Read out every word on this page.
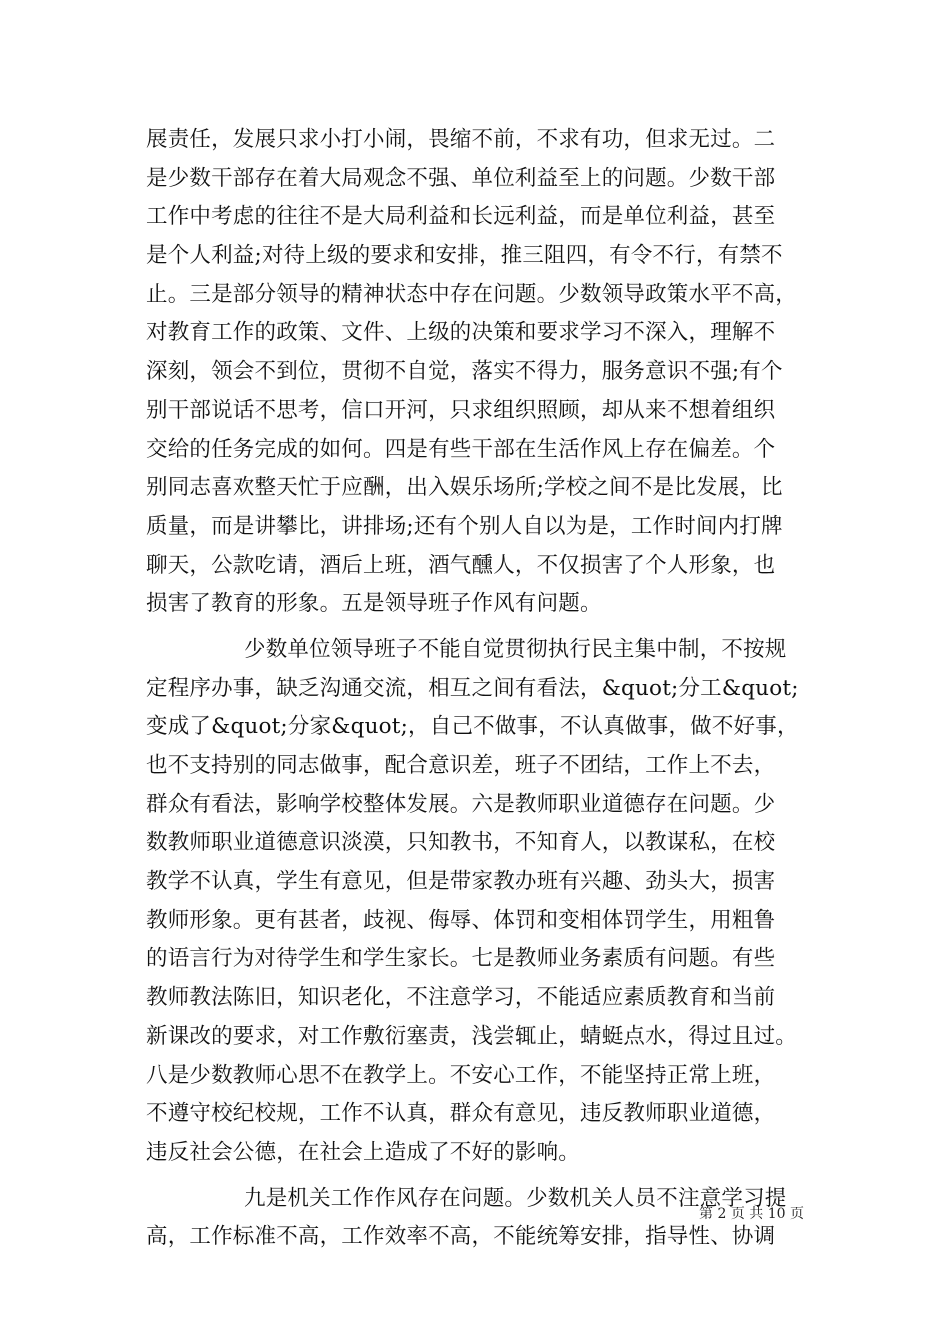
展责任，发展只求小打小闹，畏缩不前，不求有功，但求无过。二
是少数干部存在着大局观念不强、单位利益至上的问题。少数干部
工作中考虑的往往不是大局利益和长远利益，而是单位利益，甚至
是个人利益;对待上级的要求和安排，推三阻四，有令不行，有禁不
止。三是部分领导的精神状态中存在问题。少数领导政策水平不高，
对教育工作的政策、文件、上级的决策和要求学习不深入，理解不
深刻，领会不到位，贯彻不自觉，落实不得力，服务意识不强;有个
别干部说话不思考，信口开河，只求组织照顾，却从来不想着组织
交给的任务完成的如何。四是有些干部在生活作风上存在偏差。个
别同志喜欢整天忙于应酬，出入娱乐场所;学校之间不是比发展，比
质量，而是讲攀比，讲排场;还有个别人自以为是，工作时间内打牌
聊天，公款吃请，酒后上班，酒气醺人，不仅损害了个人形象，也
损害了教育的形象。五是领导班子作风有问题。
少数单位领导班子不能自觉贯彻执行民主集中制，不按规
定程序办事，缺乏沟通交流，相互之间有看法，&quot;分工&quot;
变成了&quot;分家&quot;，自己不做事，不认真做事，做不好事，
也不支持别的同志做事，配合意识差，班子不团结，工作上不去，
群众有看法，影响学校整体发展。六是教师职业道德存在问题。少
数教师职业道德意识淡漠，只知教书，不知育人，以教谋私，在校
教学不认真，学生有意见，但是带家教办班有兴趣、劲头大，损害
教师形象。更有甚者，歧视、侮辱、体罚和变相体罚学生，用粗鲁
的语言行为对待学生和学生家长。七是教师业务素质有问题。有些
教师教法陈旧，知识老化，不注意学习，不能适应素质教育和当前
新课改的要求，对工作敷衍塞责，浅尝辄止，蜻蜓点水，得过且过。
八是少数教师心思不在教学上。不安心工作，不能坚持正常上班，
不遵守校纪校规，工作不认真，群众有意见，违反教师职业道德，
违反社会公德，在社会上造成了不好的影响。
九是机关工作作风存在问题。少数机关人员不注意学习提
高，工作标准不高，工作效率不高，不能统筹安排，指导性、协调
第 2 页 共 10 页
